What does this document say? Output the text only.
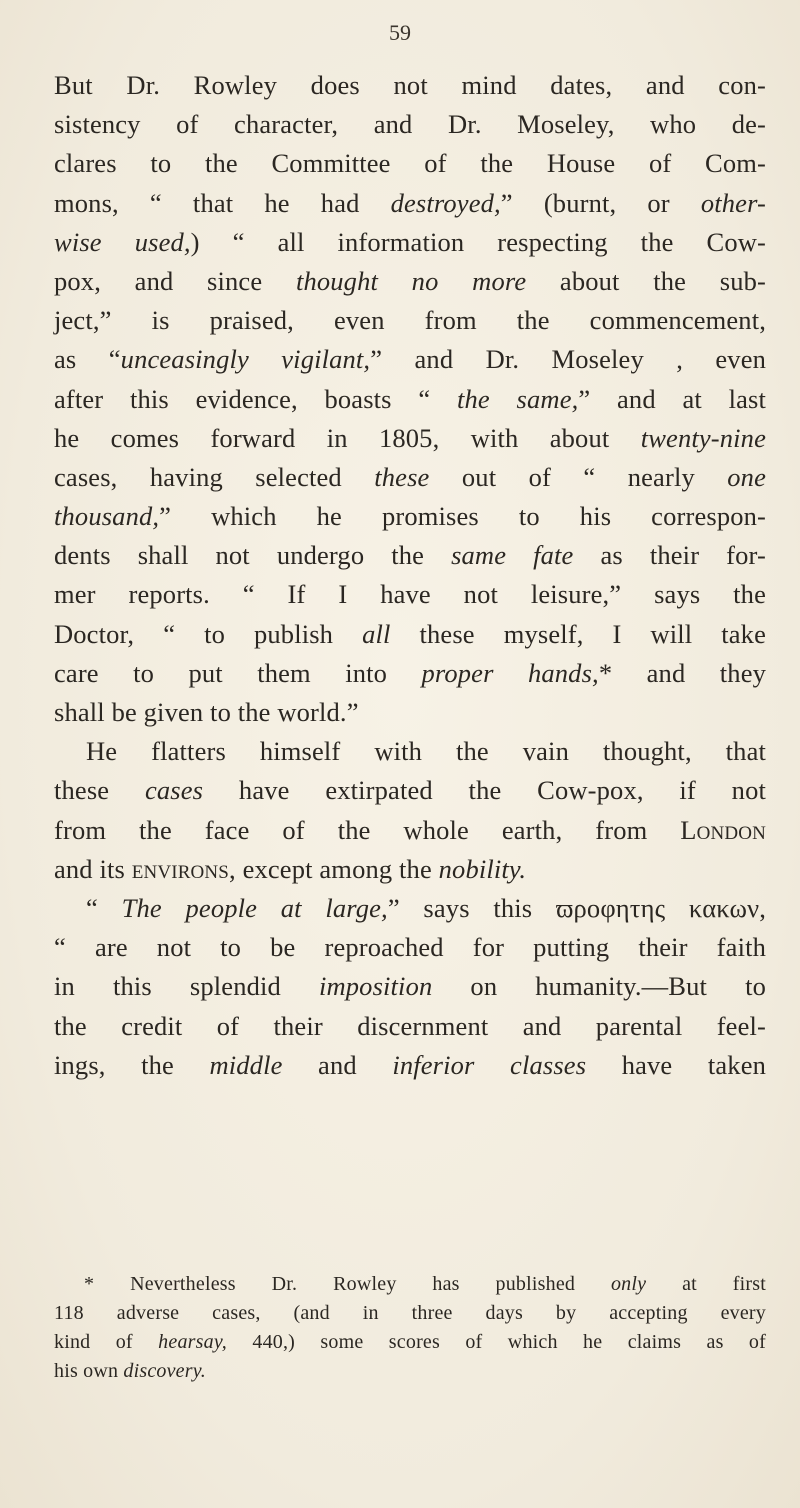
59
But Dr. Rowley does not mind dates, and con-
sistency of character, and Dr. Moseley, who de-
clares to the Committee of the House of Com-
mons, “ that he had destroyed,” (burnt, or other-
wise used,) “ all information respecting the Cow-
pox, and since thought no more about the sub-
ject,” is praised, even from the commencement,
as “unceasingly vigilant,” and Dr. Moseley , even
after this evidence, boasts “ the same,” and at last
he comes forward in 1805, with about twenty-nine
cases, having selected these out of “ nearly one
thousand,” which he promises to his correspon-
dents shall not undergo the same fate as their for-
mer reports. “ If I have not leisure,” says the
Doctor, “ to publish all these myself, I will take
care to put them into proper hands,* and they
shall be given to the world.”
He flatters himself with the vain thought, that
these cases have extirpated the Cow-pox, if not
from the face of the whole earth, from London
and its environs, except among the nobility.
“ The people at large,” says this ϖροφητης κακων,
“ are not to be reproached for putting their faith
in this splendid imposition on humanity.—But to
the credit of their discernment and parental feel-
ings, the middle and inferior classes have taken
* Nevertheless Dr. Rowley has published only at first
118 adverse cases, (and in three days by accepting every
kind of hearsay, 440,) some scores of which he claims as of
his own discovery.
